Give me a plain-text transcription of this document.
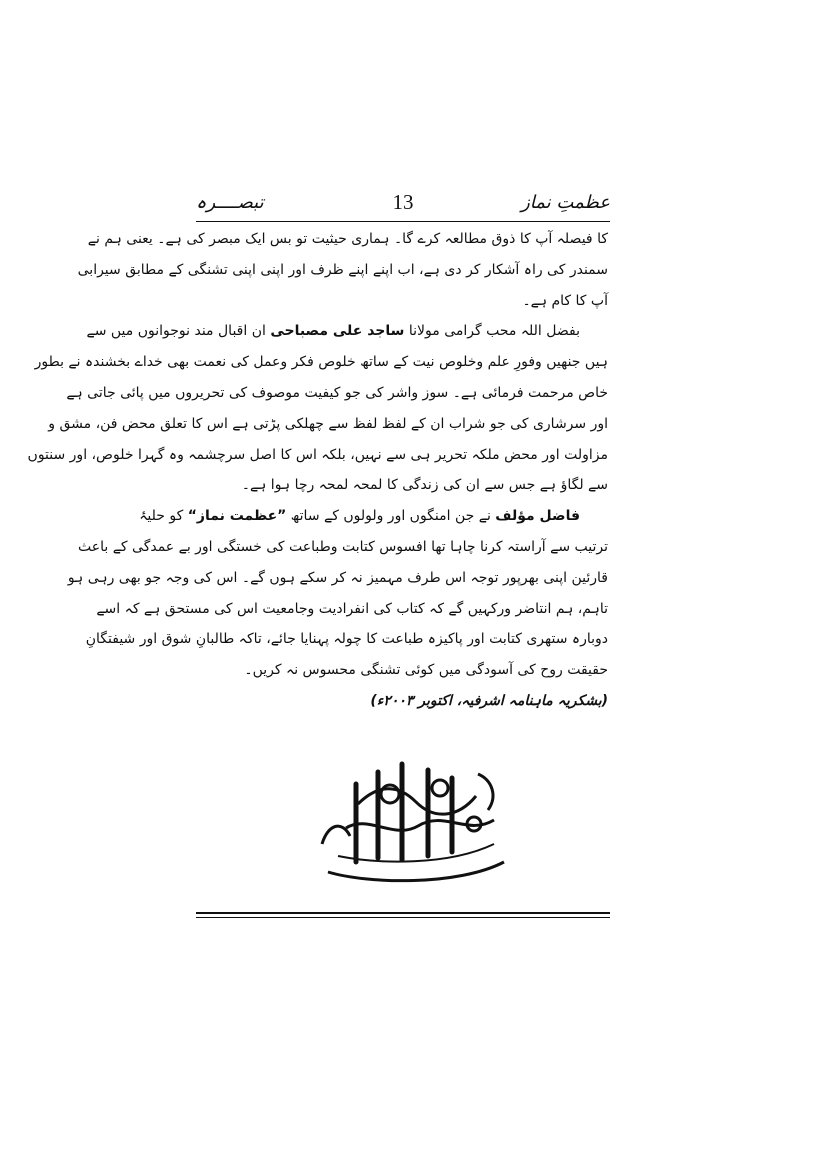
عظمتِ نماز
13
تبصــــرہ
کا فیصلہ آپ کا ذوق مطالعہ کرے گا۔ ہماری حیثیت تو بس ایک مبصر کی ہے۔ یعنی ہم نے
سمندر کی راہ آشکار کر دی ہے، اب اپنے اپنے ظرف اور اپنی اپنی تشنگی کے مطابق سیرابی
آپ کا کام ہے۔
بفضل اللہ محب گرامی مولانا ساجد علی مصباحی ان اقبال مند نوجوانوں میں سے
ہیں جنھیں وفورِ علم وخلوص نیت کے ساتھ خلوص فکر وعمل کی نعمت بھی خداے بخشندہ نے بطور
خاص مرحمت فرمائی ہے۔ سوز واشر کی جو کیفیت موصوف کی تحریروں میں پائی جاتی ہے
اور سرشاری کی جو شراب ان کے لفظ لفظ سے چھلکی پڑتی ہے اس کا تعلق محض فن، مشق و
مزاولت اور محض ملکہ تحریر ہی سے نہیں، بلکہ اس کا اصل سرچشمہ وہ گہرا خلوص، اور سنتوں
سے لگاؤ ہے جس سے ان کی زندگی کا لمحہ لمحہ رچا ہوا ہے۔
فاضل مؤلف نے جن امنگوں اور ولولوں کے ساتھ ”عظمت نماز“ کو حلیۂ
ترتیب سے آراستہ کرنا چاہا تھا افسوس کتابت وطباعت کی خستگی اور بے عمدگی کے باعث
قارئین اپنی بھرپور توجہ اس طرف مہمیز نہ کر سکے ہوں گے۔ اس کی وجہ جو بھی رہی ہو
تاہم، ہم انتاضر ورکہیں گے کہ کتاب کی انفرادیت وجامعیت اس کی مستحق ہے کہ اسے
دوبارہ ستھری کتابت اور پاکیزہ طباعت کا چولہ پہنایا جائے، تاکہ طالبانِ شوق اور شیفتگانِ
حقیقت روح کی آسودگی میں کوئی تشنگی محسوس نہ کریں۔
(بشکریہ ماہنامہ اشرفیہ، اکتوبر ۲۰۰۳ء)
